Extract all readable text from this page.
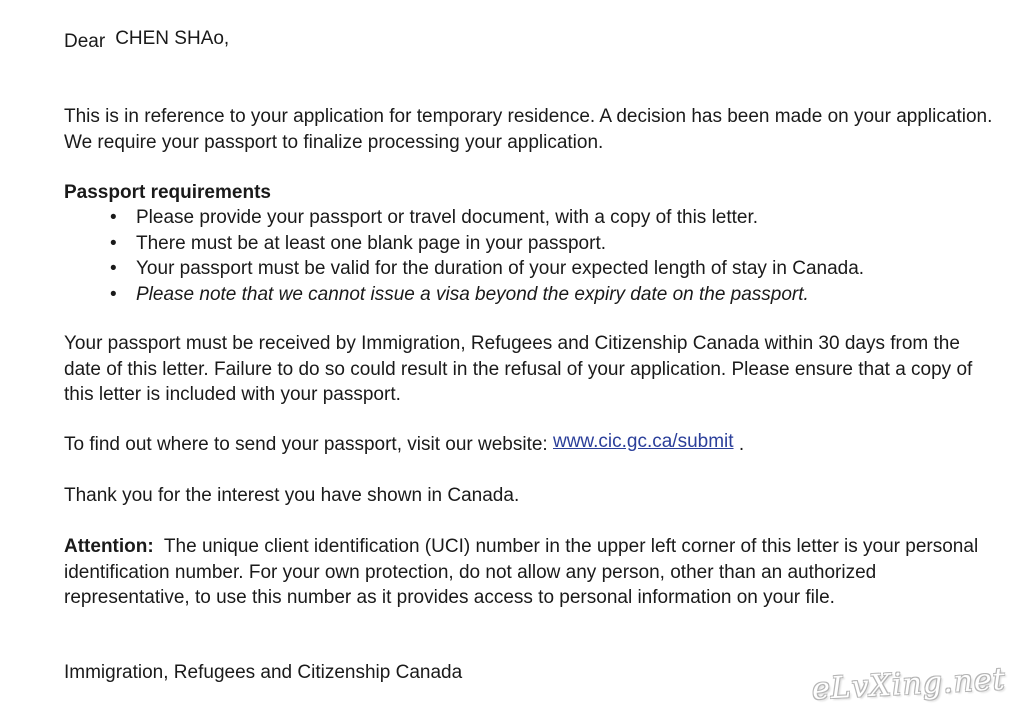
Dear CHEN SHAo,
This is in reference to your application for temporary residence. A decision has been made on your application. We require your passport to finalize processing your application.
Passport requirements
• Please provide your passport or travel document, with a copy of this letter.
• There must be at least one blank page in your passport.
• Your passport must be valid for the duration of your expected length of stay in Canada.
• Please note that we cannot issue a visa beyond the expiry date on the passport.
Your passport must be received by Immigration, Refugees and Citizenship Canada within 30 days from the date of this letter. Failure to do so could result in the refusal of your application. Please ensure that a copy of this letter is included with your passport.
To find out where to send your passport, visit our website: www.cic.gc.ca/submit .
Thank you for the interest you have shown in Canada.
Attention: The unique client identification (UCI) number in the upper left corner of this letter is your personal identification number. For your own protection, do not allow any person, other than an authorized representative, to use this number as it provides access to personal information on your file.
Immigration, Refugees and Citizenship Canada	eLvXing.net
